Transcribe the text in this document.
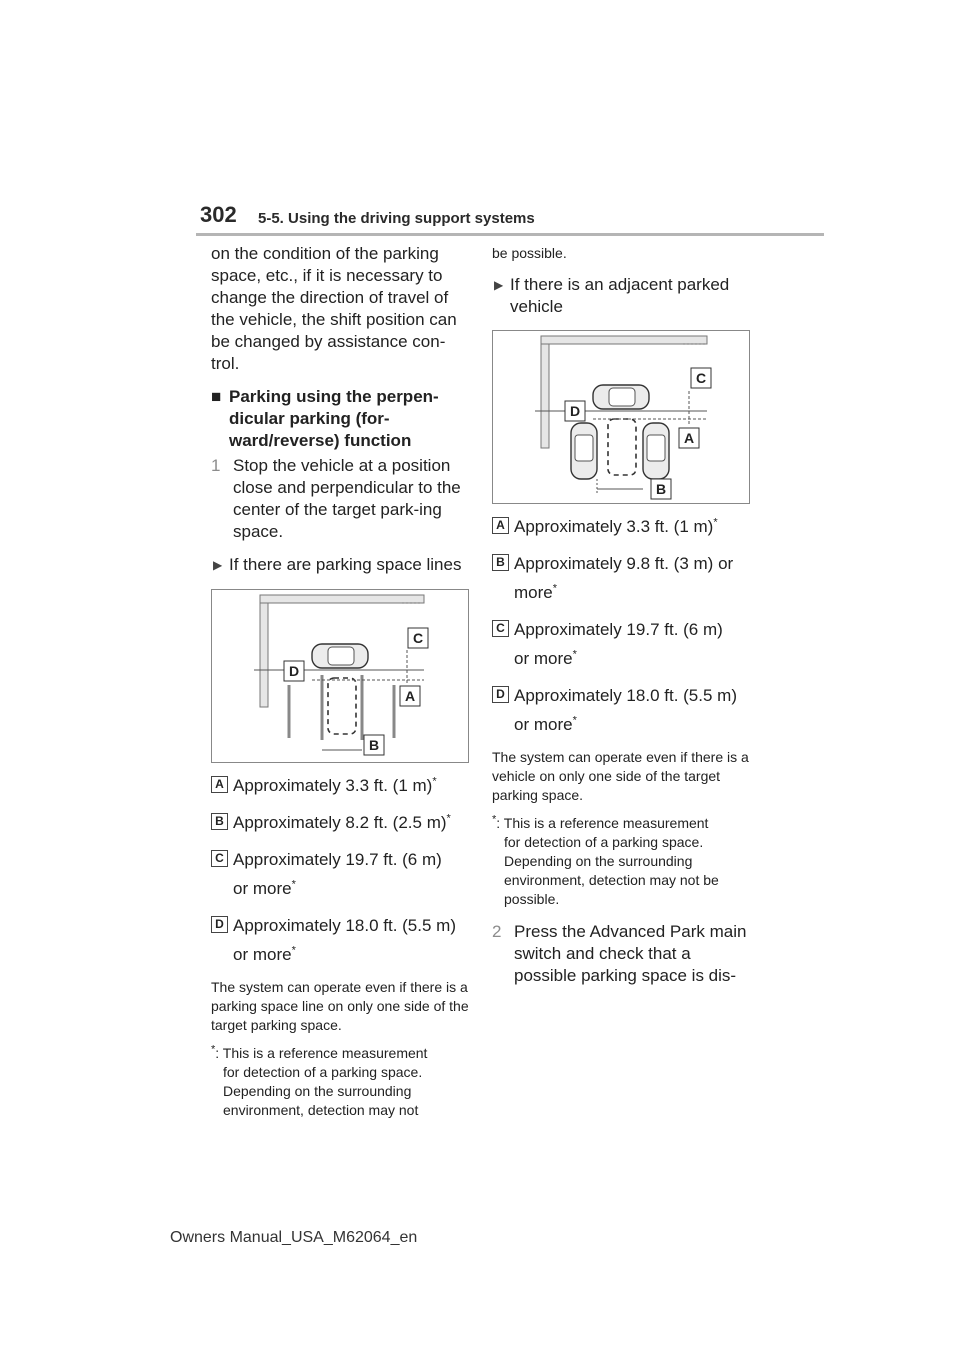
302 5-5. Using the driving support systems

on the condition of the parking space, etc., if it is necessary to change the direction of travel of the vehicle, the shift position can be changed by assistance con-trol.

■ Parking using the perpen-dicular parking (for-ward/reverse) function
1 Stop the vehicle at a position close and perpendicular to the center of the target park-ing space.
▶ If there are parking space lines
C
D
A
B
A Approximately 3.3 ft. (1 m)*
B Approximately 8.2 ft. (2.5 m)*
C Approximately 19.7 ft. (6 m)
or more*
D Approximately 18.0 ft. (5.5 m)
or more*

The system can operate even if there is a parking space line on only one side of the target parking space.

*: This is a reference measurement
for detection of a parking space. Depending on the surrounding environment, detection may not

be possible.

▶ If there is an adjacent parked vehicle
C
D
A
B
A Approximately 3.3 ft. (1 m)*
B Approximately 9.8 ft. (3 m) or
more*
C Approximately 19.7 ft. (6 m)
or more*
D Approximately 18.0 ft. (5.5 m)
or more*

The system can operate even if there is a vehicle on only one side of the target parking space.

*: This is a reference measurement
for detection of a parking space. Depending on the surrounding environment, detection may not be possible.
2 Press the Advanced Park main switch and check that a possible parking space is dis-
Owners Manual_USA_M62064_en
